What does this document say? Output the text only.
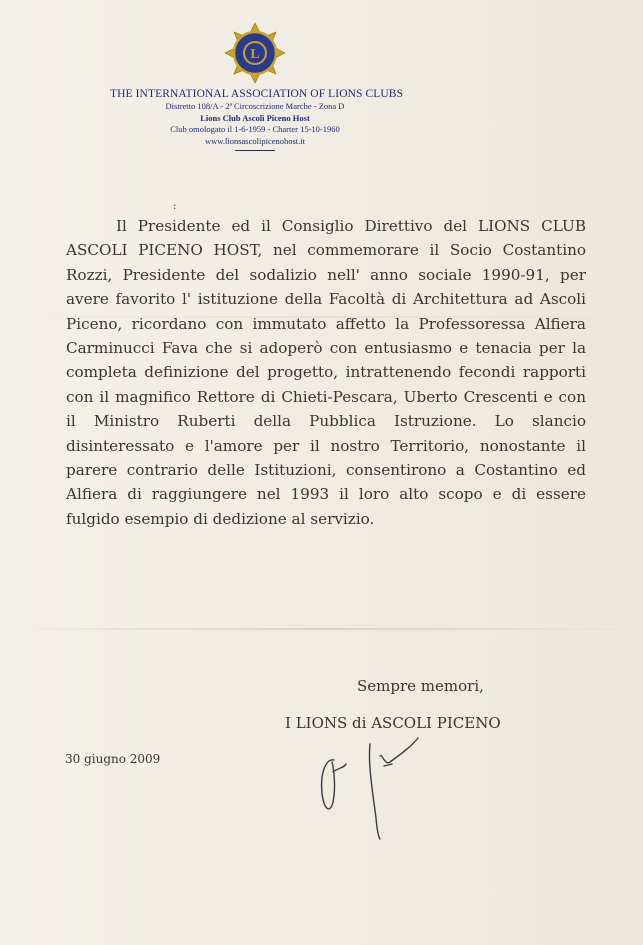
L
THE INTERNATIONAL ASSOCIATION OF LIONS CLUBS
Distretto 108/A - 2ª Circoscrizione Marche - Zona D
Lions Club Ascoli Piceno Host
Club omologato il 1-6-1959 - Charter 15-10-1960
www.lionsascolipicenohost.it
:

Il Presidente ed il Consiglio Direttivo del LIONS CLUB ASCOLI PICENO HOST, nel commemorare il Socio Costantino Rozzi, Presidente del sodalizio nell' anno sociale 1990-91, per avere favorito l' istituzione della Facoltà di Architettura ad Ascoli Piceno, ricordano con immutato affetto la Professoressa Alfiera Carminucci Fava che si adoperò con entusiasmo e tenacia per la completa definizione del progetto, intrattenendo fecondi rapporti con il magnifico Rettore di Chieti-Pescara, Uberto Crescenti e con il Ministro Ruberti della Pubblica Istruzione. Lo slancio disinteressato e l'amore per il nostro Territorio, nonostante il parere contrario delle Istituzioni, consentirono a Costantino ed Alfiera di raggiungere nel 1993 il loro alto scopo e di essere fulgido esempio di dedizione al servizio.

Sempre memori,
I LIONS di ASCOLI PICENO
30 giugno 2009
